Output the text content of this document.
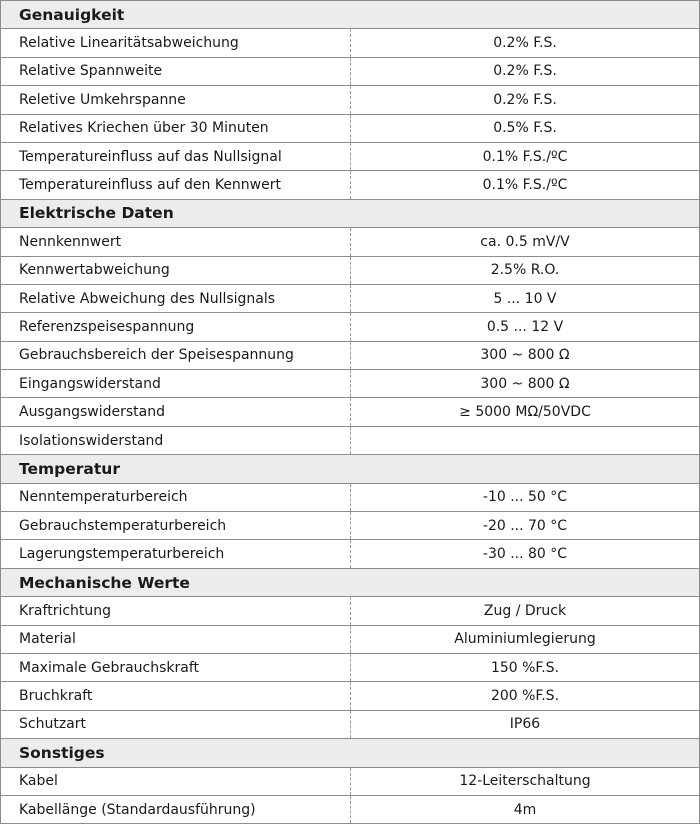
Genauigkeit	
Relative Linearitätsabweichung	0.2% F.S.
Relative Spannweite	0.2% F.S.
Reletive Umkehrspanne	0.2% F.S.
Relatives Kriechen über 30 Minuten	0.5% F.S.
Temperatureinfluss auf das Nullsignal	0.1% F.S./ºC
Temperatureinfluss auf den Kennwert	0.1% F.S./ºC
Elektrische Daten	
Nennkennwert	ca. 0.5 mV/V
Kennwertabweichung	2.5% R.O.
Relative Abweichung des Nullsignals	5 ... 10 V
Referenzspeisespannung	0.5 ... 12 V
Gebrauchsbereich der Speisespannung	300 ~ 800 Ω
Eingangswiderstand	300 ~ 800 Ω
Ausgangswiderstand	≥ 5000 MΩ/50VDC
Isolationswiderstand	
Temperatur	
Nenntemperaturbereich	-10 ... 50 °C
Gebrauchstemperaturbereich	-20 ... 70 °C
Lagerungstemperaturbereich	-30 ... 80 °C
Mechanische Werte	
Kraftrichtung	Zug / Druck
Material	Aluminiumlegierung
Maximale Gebrauchskraft	150 %F.S.
Bruchkraft	200 %F.S.
Schutzart	IP66
Sonstiges	
Kabel	12-Leiterschaltung
Kabellänge (Standardausführung)	4m
